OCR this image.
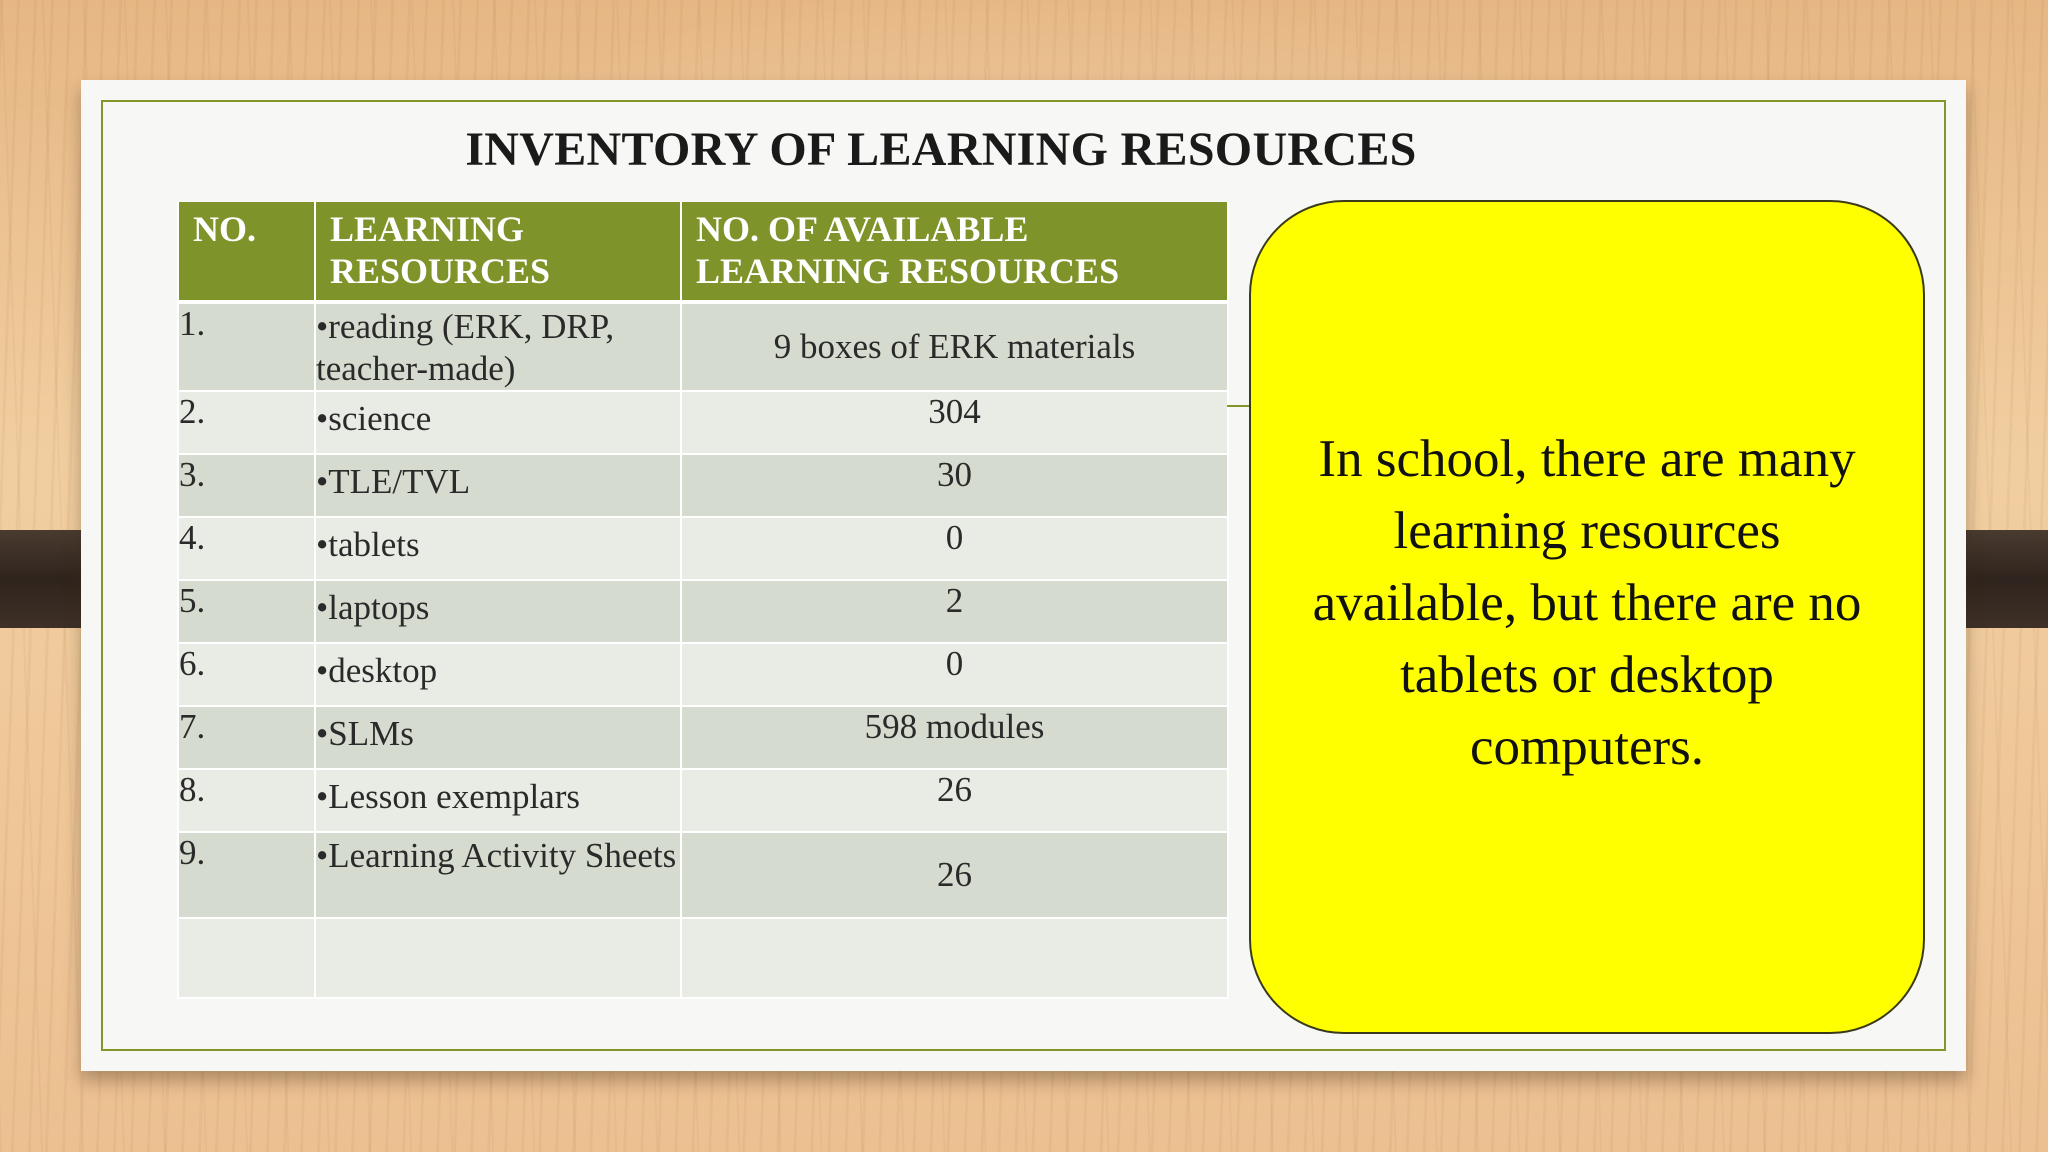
INVENTORY OF LEARNING RESOURCES
NO.	LEARNING RESOURCES	NO. OF AVAILABLE LEARNING RESOURCES
1.	•reading (ERK, DRP, teacher-made)	9 boxes of ERK materials
2.	•science	304
3.	•TLE/TVL	30
4.	•tablets	0
5.	•laptops	2
6.	•desktop	0
7.	•SLMs	598 modules
8.	•Lesson exemplars	26
9.	•Learning Activity Sheets	26

In school, there are many learning resources available, but there are no tablets or desktop computers.
